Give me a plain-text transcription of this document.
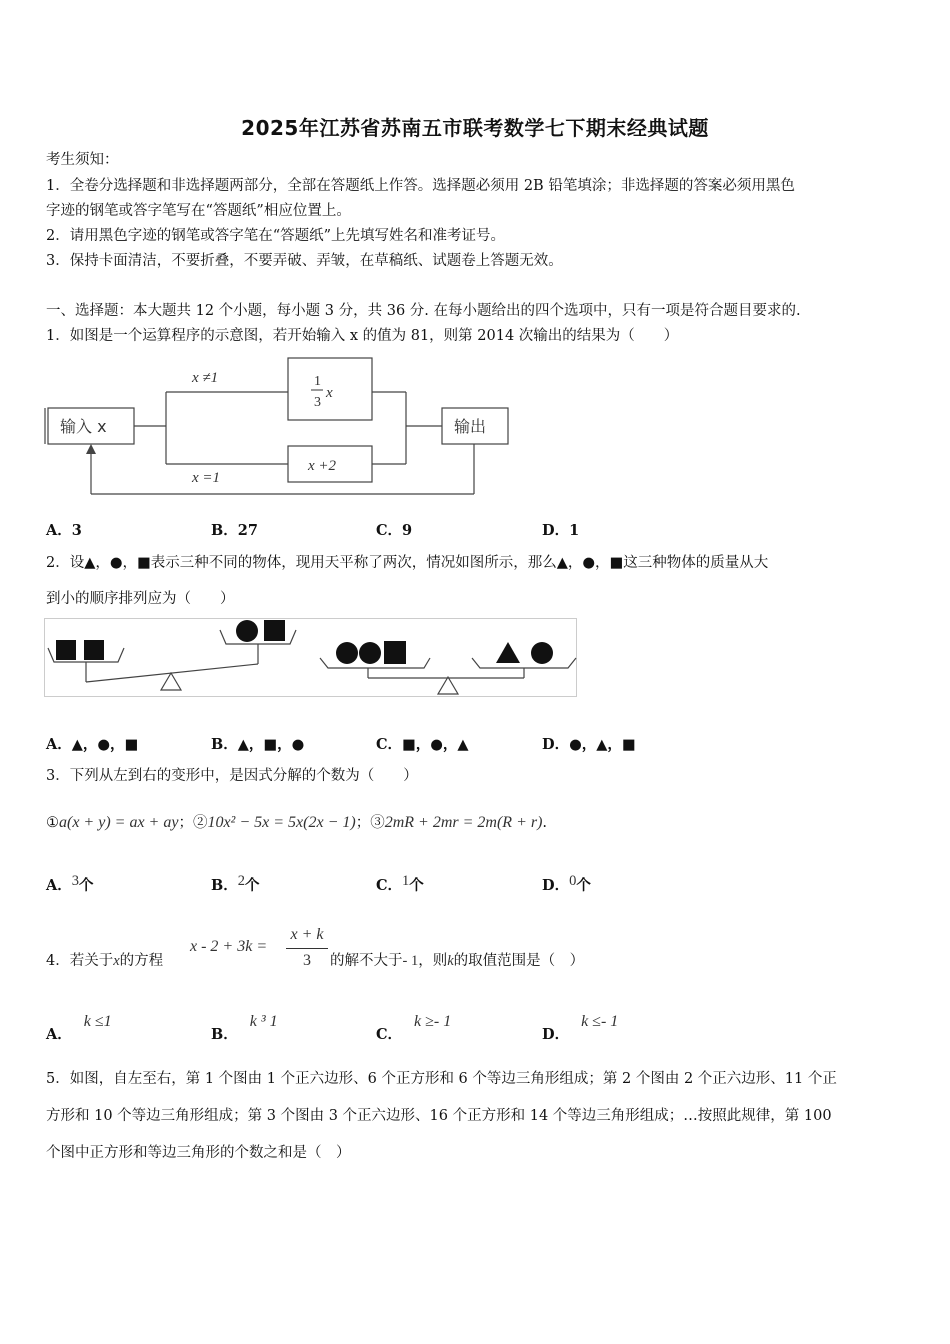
2025年江苏省苏南五市联考数学七下期末经典试题
考生须知：
1．全卷分选择题和非选择题两部分，全部在答题纸上作答。选择题必须用 2B 铅笔填涂；非选择题的答案必须用黑色
字迹的钢笔或答字笔写在“答题纸”相应位置上。
2．请用黑色字迹的钢笔或答字笔在“答题纸”上先填写姓名和准考证号。
3．保持卡面清洁，不要折叠，不要弄破、弄皱，在草稿纸、试题卷上答题无效。
一、选择题：本大题共 12 个小题，每小题 3 分，共 36 分. 在每小题给出的四个选项中，只有一项是符合题目要求的.
1．如图是一个运算程序的示意图，若开始输入 x 的值为 81，则第 2014 次输出的结果为（　　）
x ≠1
x =1
1
3
x
x +2
输入 x	输出
A．3	B．27	C．9	D．1
2．设▲，●，■表示三种不同的物体，现用天平称了两次，情况如图所示，那么▲，●，■这三种物体的质量从大
到小的顺序排列应为（　　）
A．▲，●，■	B．▲，■，●	C．■，●，▲	D．●，▲，■
3．下列从左到右的变形中，是因式分解的个数为（　　）
①a(x + y) = ax + ay；②10x² − 5x = 5x(2x − 1)；③2mR + 2mr = 2m(R + r).
A．3个	B．2个	C．1个	D．0个
4．若关于x的方程
x - 2 + 3k =
x + k
3	的解不大于- 1，则k的取值范围是（　）
A．k ≤1
B．k ³ 1
C．k ≥- 1
D．k ≤- 1
5．如图，自左至右，第 1 个图由 1 个正六边形、6 个正方形和 6 个等边三角形组成；第 2 个图由 2 个正六边形、11 个正
方形和 10 个等边三角形组成；第 3 个图由 3 个正六边形、16 个正方形和 14 个等边三角形组成；…按照此规律，第 100
个图中正方形和等边三角形的个数之和是（　）
